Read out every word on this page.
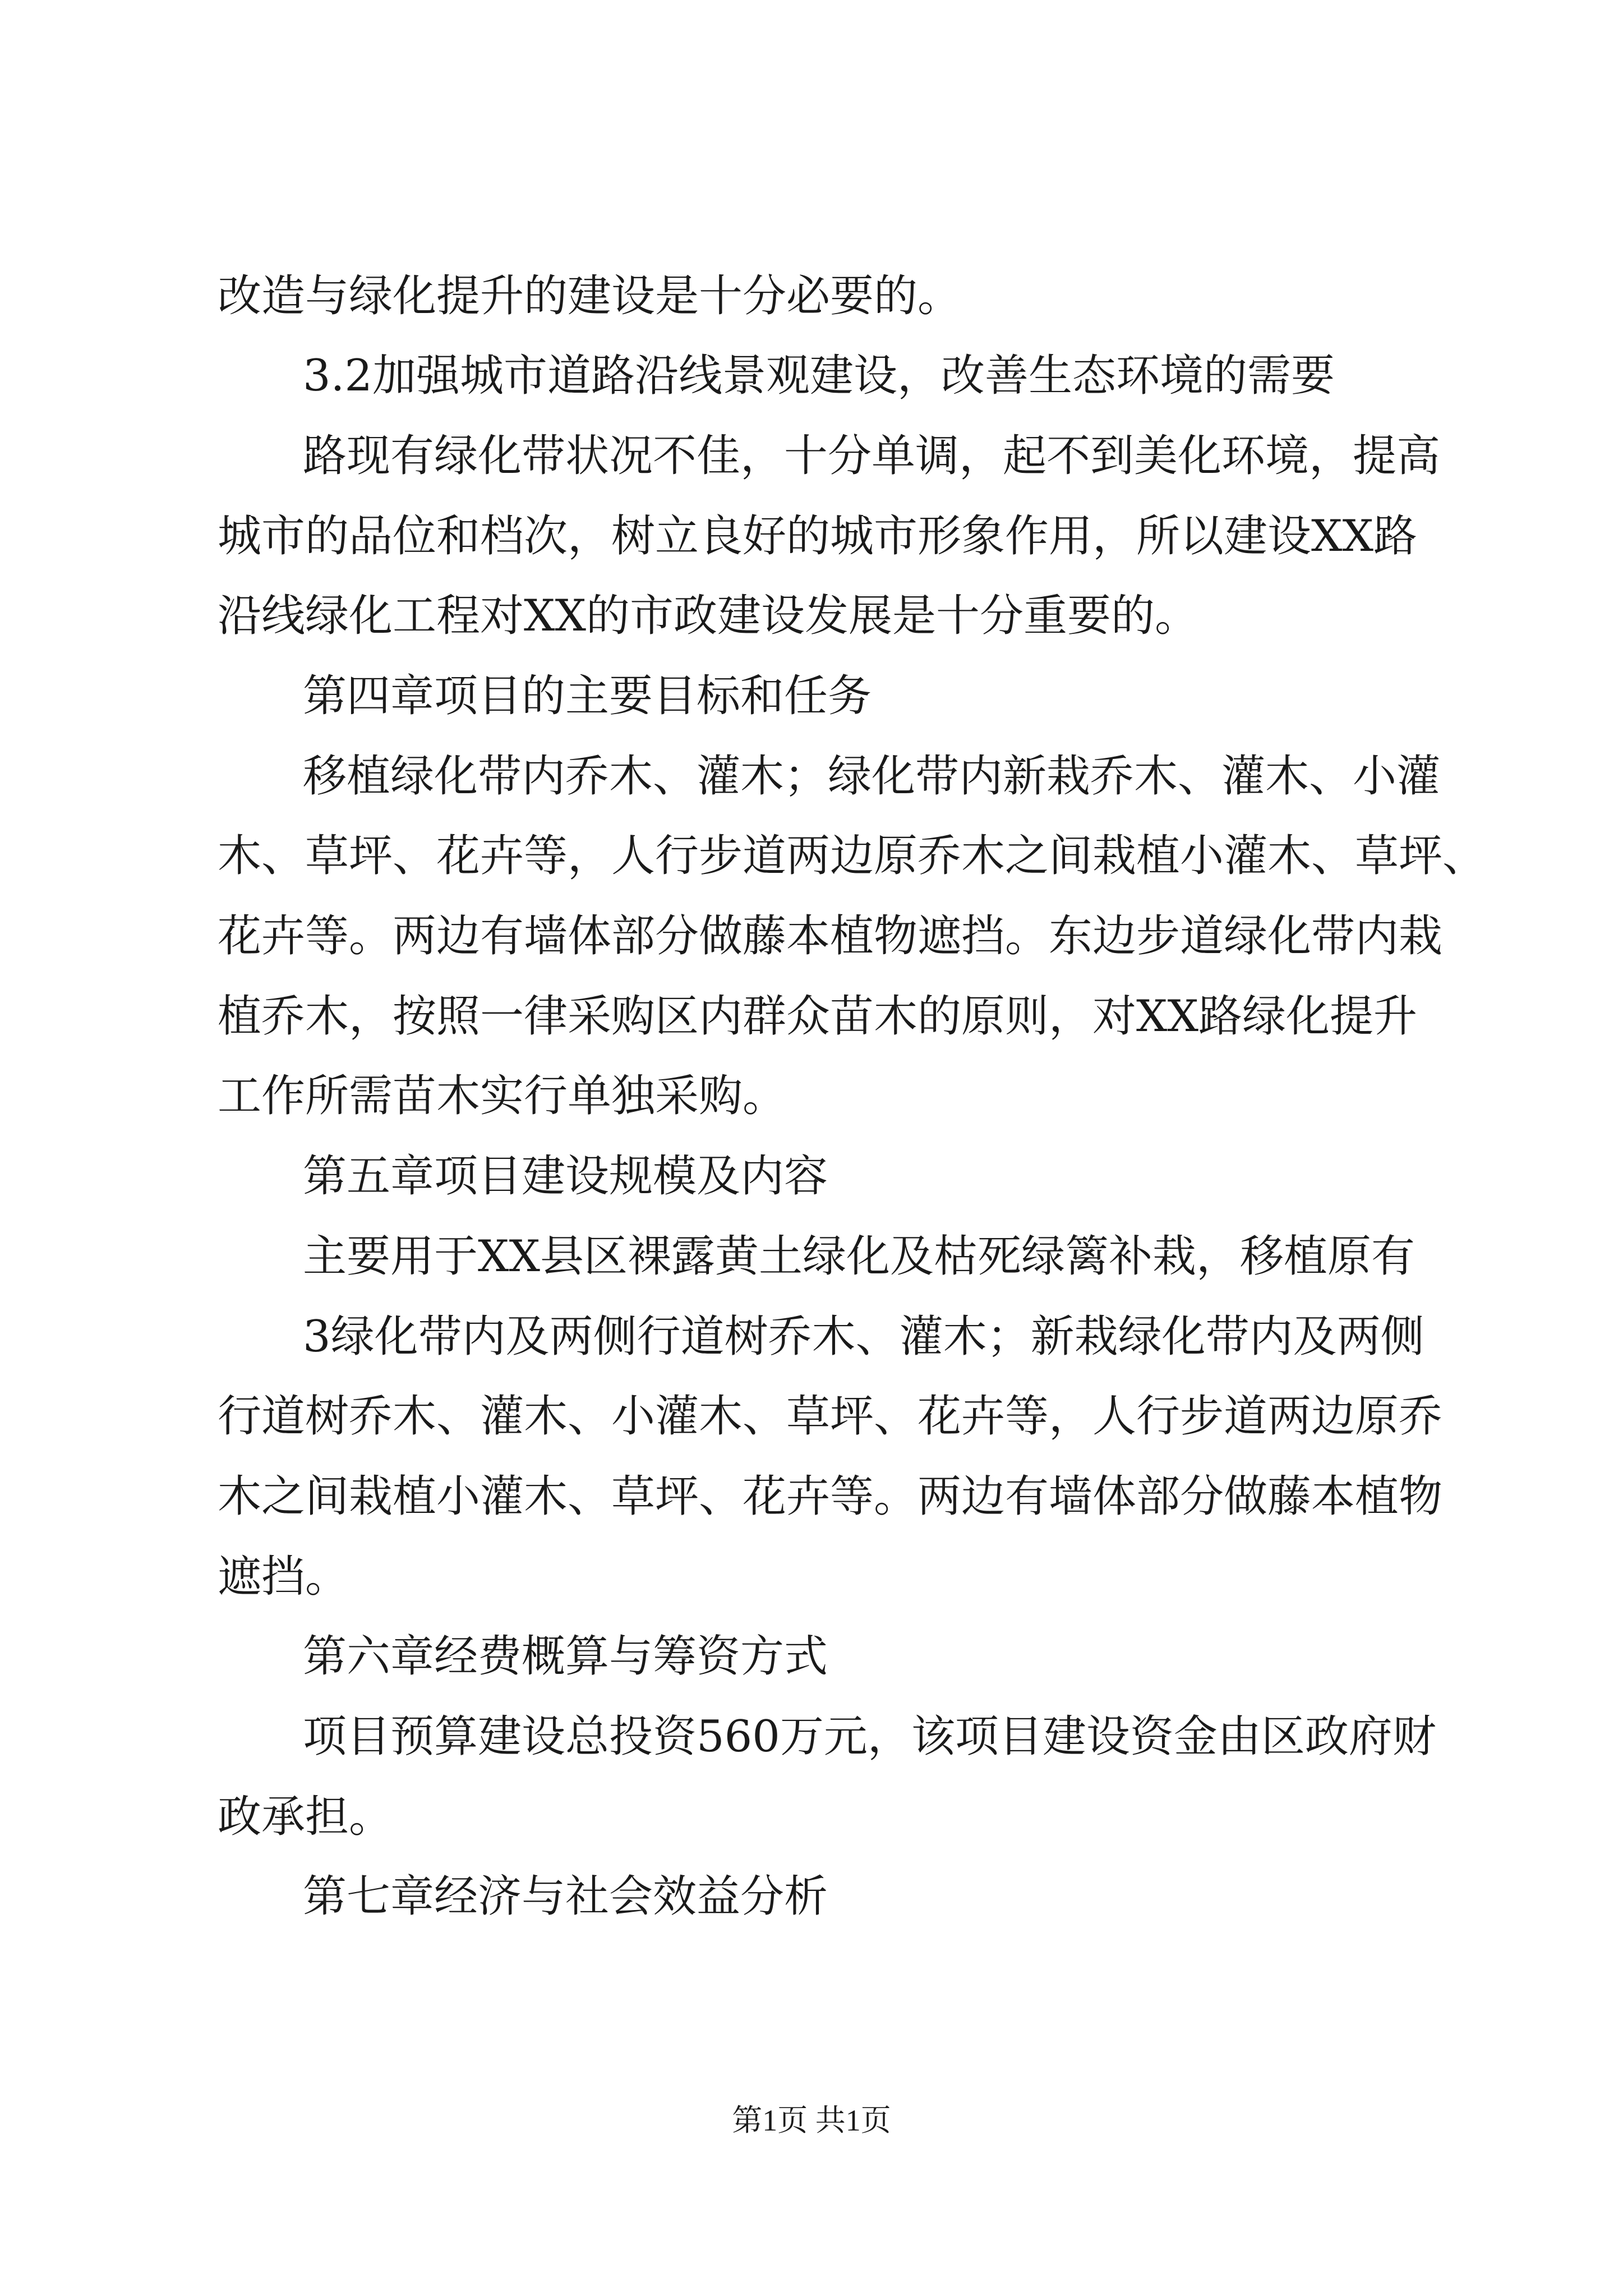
改造与绿化提升的建设是十分必要的。
3.2加强城市道路沿线景观建设，改善生态环境的需要
路现有绿化带状况不佳，十分单调，起不到美化环境，提高
城市的品位和档次，树立良好的城市形象作用，所以建设XX路
沿线绿化工程对XX的市政建设发展是十分重要的。
第四章项目的主要目标和任务
移植绿化带内乔木、灌木；绿化带内新栽乔木、灌木、小灌
木、草坪、花卉等，人行步道两边原乔木之间栽植小灌木、草坪、
花卉等。两边有墙体部分做藤本植物遮挡。东边步道绿化带内栽
植乔木，按照一律采购区内群众苗木的原则，对XX路绿化提升
工作所需苗木实行单独采购。
第五章项目建设规模及内容
主要用于XX县区裸露黄土绿化及枯死绿篱补栽，移植原有
3绿化带内及两侧行道树乔木、灌木；新栽绿化带内及两侧
行道树乔木、灌木、小灌木、草坪、花卉等，人行步道两边原乔
木之间栽植小灌木、草坪、花卉等。两边有墙体部分做藤本植物
遮挡。
第六章经费概算与筹资方式
项目预算建设总投资560万元，该项目建设资金由区政府财
政承担。
第七章经济与社会效益分析
第1页 共1页
